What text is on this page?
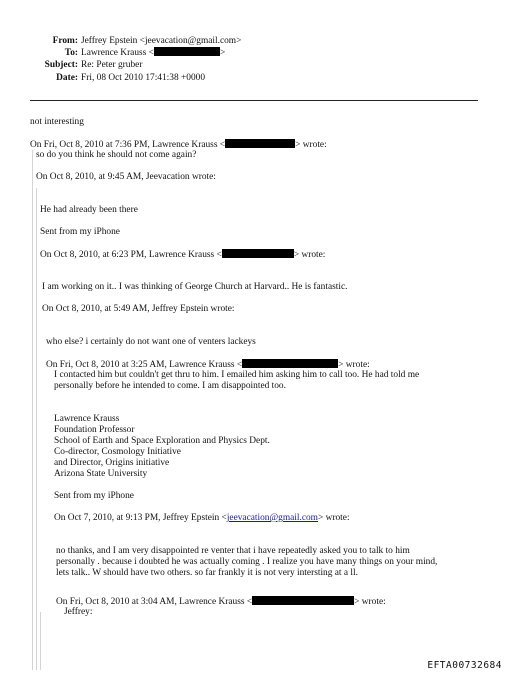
From: Jeffrey Epstein <jeevacation@gmail.com>
To: Lawrence Krauss <	>
Subject: Re: Peter gruber
Date: Fri, 08 Oct 2010 17:41:38 +0000
not interesting
On Fri, Oct 8, 2010 at 7:36 PM, Lawrence Krauss <	> wrote:
so do you think he should not come again?
On Oct 8, 2010, at 9:45 AM, Jeevacation wrote:
He had already been there
Sent from my iPhone
On Oct 8, 2010, at 6:23 PM, Lawrence Krauss <	> wrote:
I am working on it.. I was thinking of George Church at Harvard.. He is fantastic.
On Oct 8, 2010, at 5:49 AM, Jeffrey Epstein wrote:
who else? i certainly do not want one of venters lackeys
On Fri, Oct 8, 2010 at 3:25 AM, Lawrence Krauss <	> wrote:
I contacted him but couldn't get thru to him. I emailed him asking him to call too. He had told me
personally before he intended to come. I am disappointed too.
Lawrence Krauss
Foundation Professor
School of Earth and Space Exploration and Physics Dept.
Co-director, Cosmology Initiative
and Director, Origins initiative
Arizona State University
Sent from my iPhone
On Oct 7, 2010, at 9:13 PM, Jeffrey Epstein <jeevacation@gmail.com> wrote:
no thanks, and I am very disappointed re venter that i have repeatedly asked you to talk to him
personally . because i doubted he was actually coming . I realize you have many things on your mind,
lets talk.. W should have two others. so far frankly it is not very intersting at a ll.
On Fri, Oct 8, 2010 at 3:04 AM, Lawrence Krauss <	> wrote:
Jeffrey:
EFTA00732684
